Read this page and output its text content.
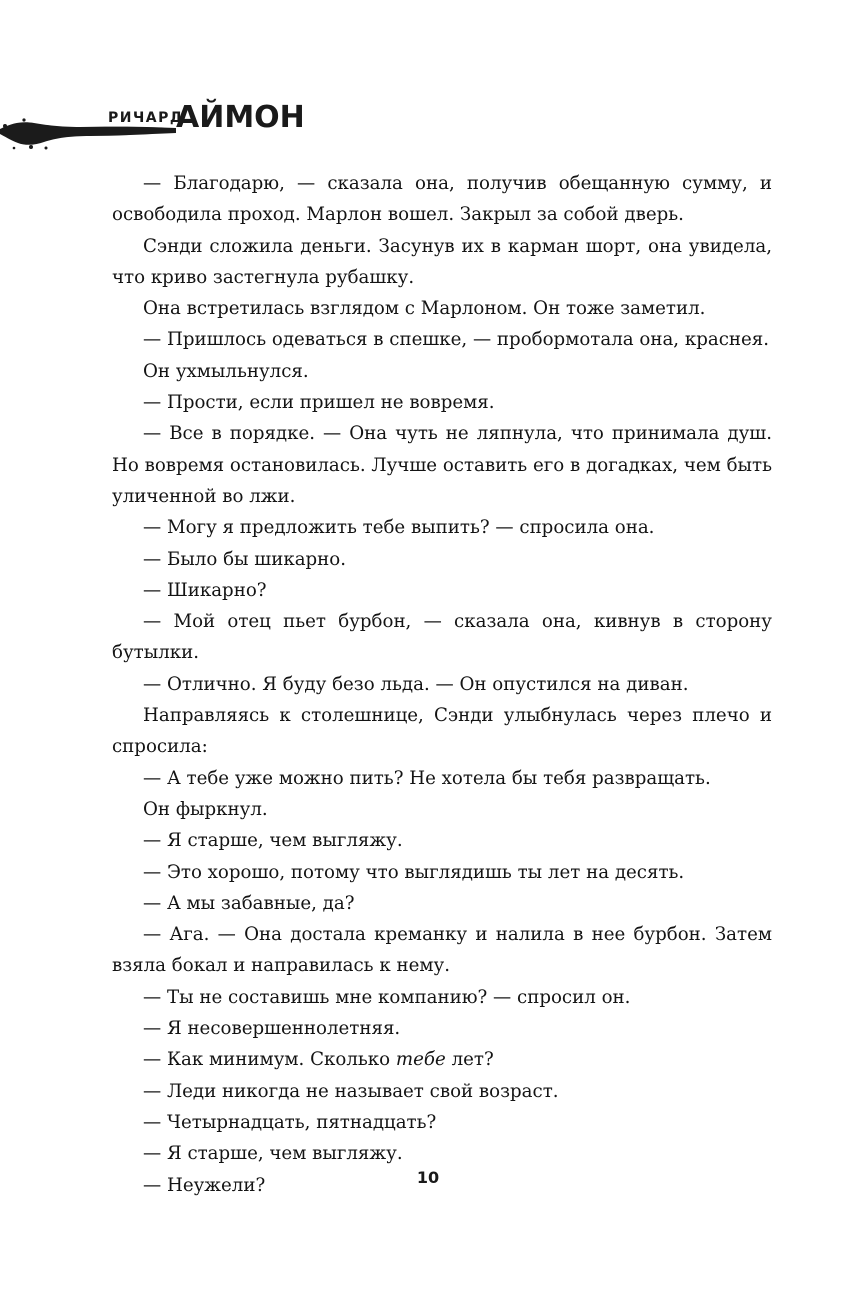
РИЧАРД
АЙМОН

— Благодарю, — сказала она, получив обещанную сумму, и освободила проход. Марлон вошел. Закрыл за собой дверь.

Сэнди сложила деньги. Засунув их в карман шорт, она увидела, что криво застегнула рубашку.

Она встретилась взглядом с Марлоном. Он тоже заметил.

— Пришлось одеваться в спешке, — пробормотала она, краснея.

Он ухмыльнулся.

— Прости, если пришел не вовремя.

— Все в порядке. — Она чуть не ляпнула, что принимала душ. Но вовремя остановилась. Лучше оставить его в догадках, чем быть уличенной во лжи.

— Могу я предложить тебе выпить? — спросила она.

— Было бы шикарно.

— Шикарно?

— Мой отец пьет бурбон, — сказала она, кивнув в сторону бутылки.

— Отлично. Я буду безо льда. — Он опустился на диван.

Направляясь к столешнице, Сэнди улыбнулась через плечо и спросила:

— А тебе уже можно пить? Не хотела бы тебя развращать.

Он фыркнул.

— Я старше, чем выгляжу.

— Это хорошо, потому что выглядишь ты лет на десять.

— А мы забавные, да?

— Ага. — Она достала креманку и налила в нее бурбон. Затем взяла бокал и направилась к нему.

— Ты не составишь мне компанию? — спросил он.

— Я несовершеннолетняя.

— Как минимум. Сколько тебе лет?

— Леди никогда не называет свой возраст.

— Четырнадцать, пятнадцать?

— Я старше, чем выгляжу.

— Неужели?	10
